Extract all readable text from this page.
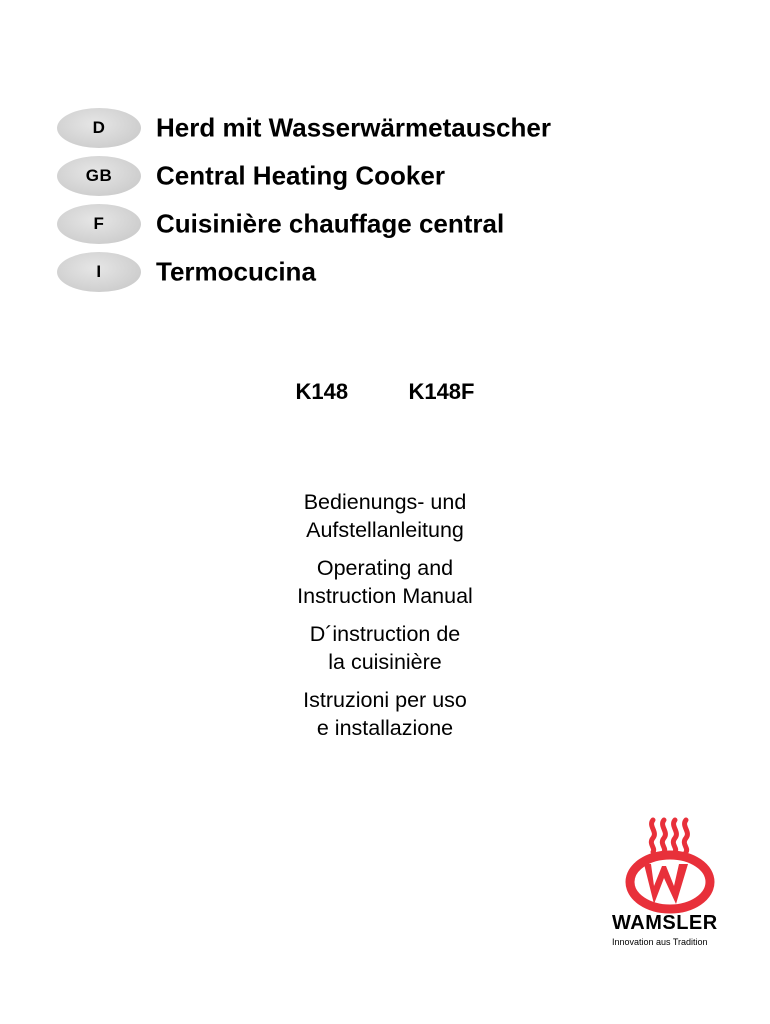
D	Herd mit Wasserwärmetauscher
GB	Central Heating Cooker
F	Cuisinière chauffage central
I	Termocucina
K148   K148F
Bedienungs- und
Aufstellanleitung
Operating and
Instruction Manual
D´instruction de
la cuisinière
Istruzioni per uso
e installazione
WAMSLER
Innovation aus Tradition
